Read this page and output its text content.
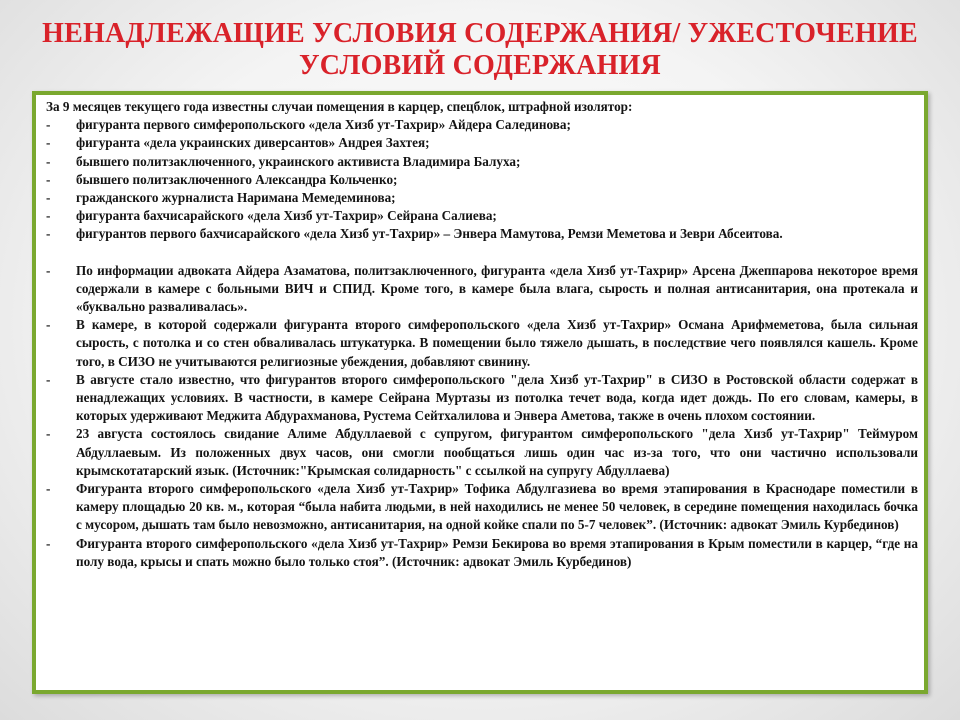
НЕНАДЛЕЖАЩИЕ УСЛОВИЯ СОДЕРЖАНИЯ/ УЖЕСТОЧЕНИЕ
УСЛОВИЙ СОДЕРЖАНИЯ

За 9 месяцев текущего года известны случаи помещения в карцер, спецблок, штрафной изолятор:

-	фигуранта первого симферопольского «дела Хизб ут-Тахрир» Айдера Салединова;
-	фигуранта «дела украинских диверсантов» Андрея Захтея;
-	бывшего политзаключенного, украинского активиста Владимира Балуха;
-	бывшего политзаключенного Александра Кольченко;
-	гражданского журналиста Наримана Мемедеминова;
-	фигуранта бахчисарайского «дела Хизб ут-Тахрир» Сейрана Салиева;
-	фигурантов первого бахчисарайского «дела Хизб ут-Тахрир» – Энвера Мамутова, Ремзи Меметова и Зеври Абсеитова.
-	По информации адвоката Айдера Азаматова, политзаключенного, фигуранта «дела Хизб ут-Тахрир» Арсена Джеппарова некоторое время содержали в камере с больными ВИЧ и СПИД. Кроме того, в камере была влага, сырость и полная антисанитария, она протекала и «буквально разваливалась».
-	В камере, в которой содержали фигуранта второго симферопольского «дела Хизб ут-Тахрир» Османа Арифмеметова, была сильная сырость, с потолка и со стен обваливалась штукатурка. В помещении было тяжело дышать, в последствие чего появлялся кашель. Кроме того, в СИЗО не учитываются религиозные убеждения, добавляют свинину.
-	В августе стало известно, что фигурантов второго симферопольского "дела Хизб ут-Тахрир" в СИЗО в Ростовской области содержат в ненадлежащих условиях. В частности, в камере Сейрана Муртазы из потолка течет вода, когда идет дождь. По его словам, камеры, в которых удерживают Меджита Абдурахманова, Рустема Сейтхалилова и Энвера Аметова, также в очень плохом состоянии.
-	23 августа состоялось свидание Алиме Абдуллаевой с супругом, фигурантом симферопольского "дела Хизб ут-Тахрир" Теймуром Абдуллаевым. Из положенных двух часов, они смогли пообщаться лишь один час из-за того, что они частично использовали крымскотатарский язык. (Источник:"Крымская солидарность" с ссылкой на супругу Абдуллаева)
-	Фигуранта второго симферопольского «дела Хизб ут-Тахрир» Тофика Абдулгазиева во время этапирования в Краснодаре поместили в камеру площадью 20 кв. м., которая “была набита людьми, в ней находились не менее 50 человек, в середине помещения находилась бочка с мусором, дышать там было невозможно, антисанитария, на одной койке спали по 5-7 человек”. (Источник: адвокат Эмиль Курбединов)
-	Фигуранта второго симферопольского «дела Хизб ут-Тахрир» Ремзи Бекирова во время этапирования в Крым поместили в карцер, “где на полу вода, крысы и спать можно было только стоя”. (Источник: адвокат Эмиль Курбединов)
